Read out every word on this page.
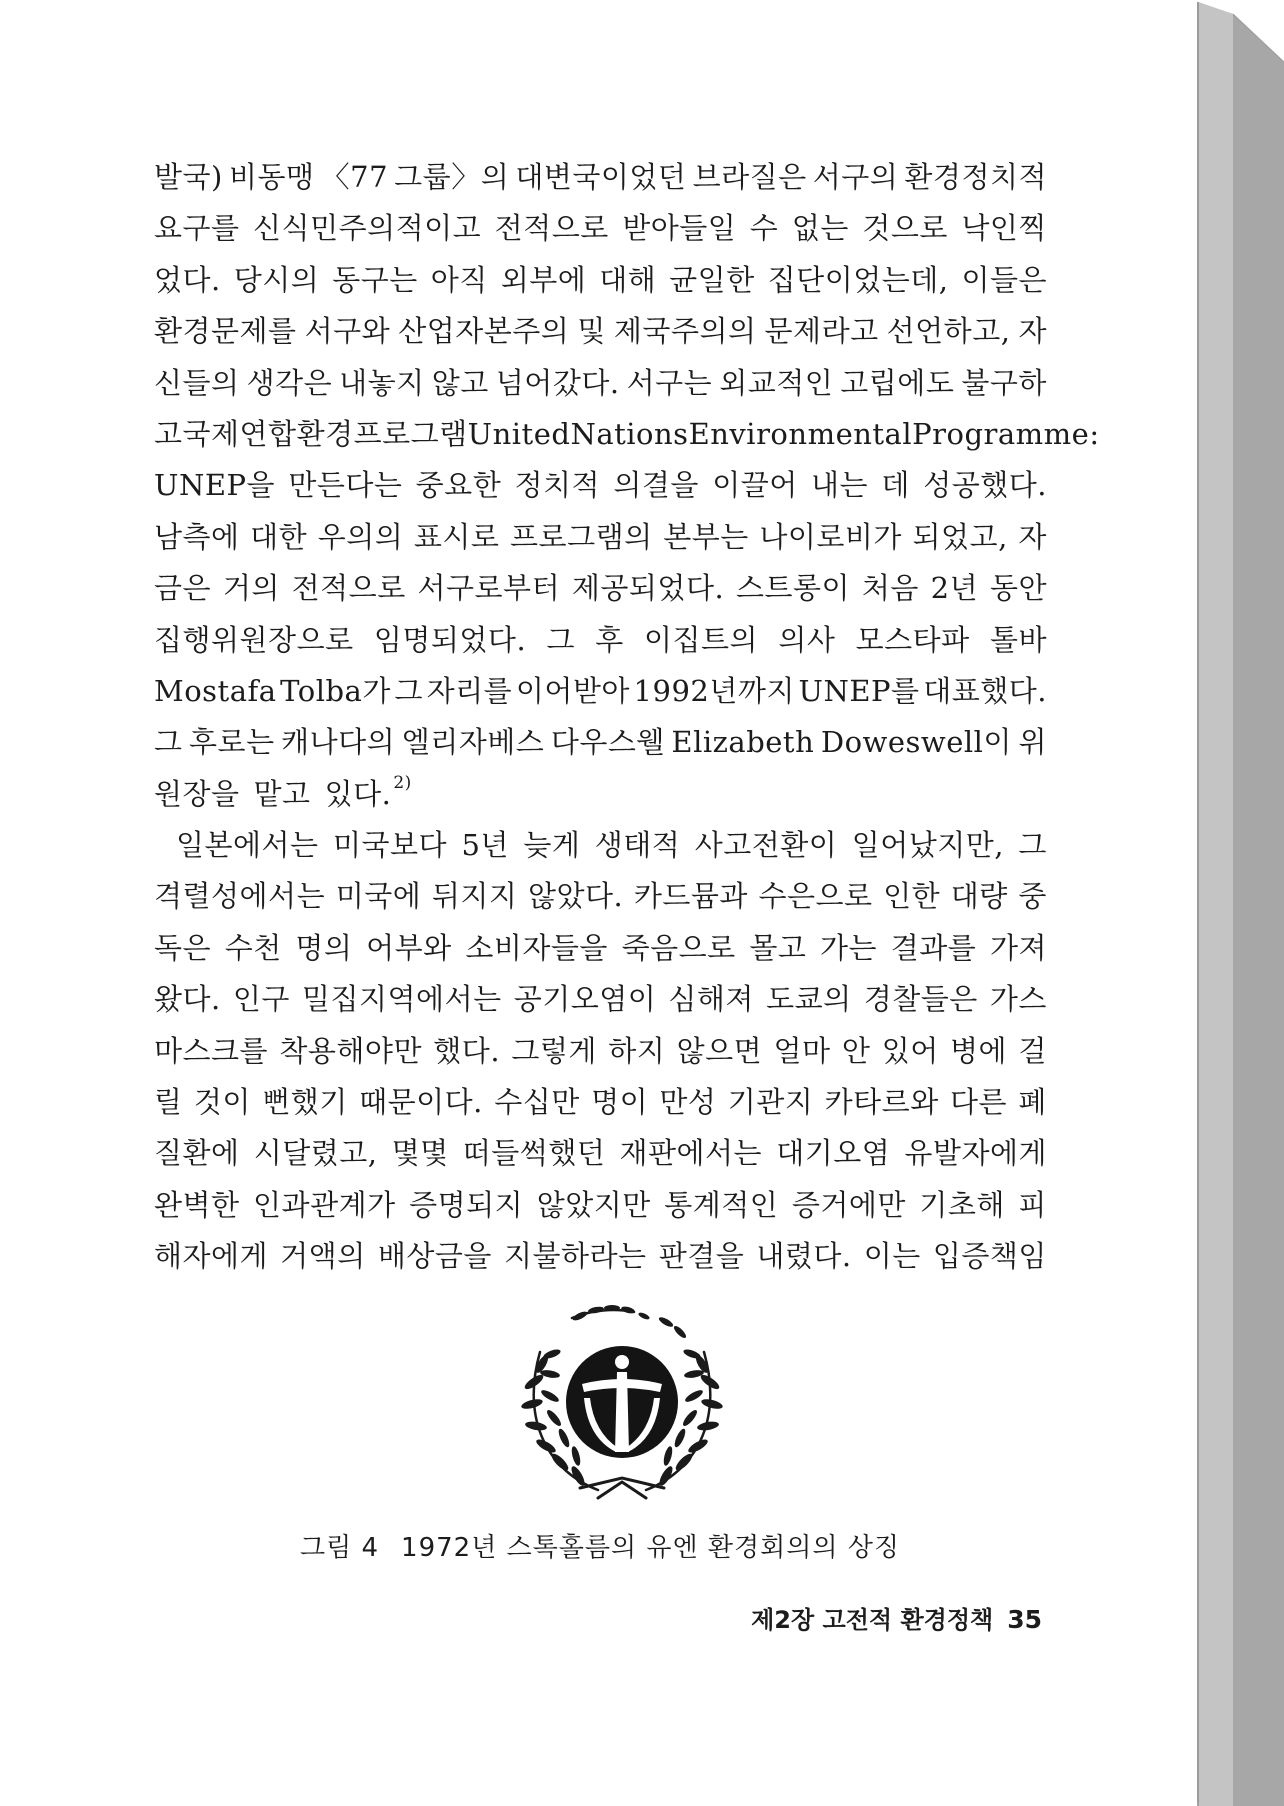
발국) 비동맹 〈77 그룹〉의 대변국이었던 브라질은 서구의 환경정치적
요구를 신식민주의적이고 전적으로 받아들일 수 없는 것으로 낙인찍
었다. 당시의 동구는 아직 외부에 대해 균일한 집단이었는데, 이들은
환경문제를 서구와 산업자본주의 및 제국주의의 문제라고 선언하고, 자
신들의 생각은 내놓지 않고 넘어갔다. 서구는 외교적인 고립에도 불구하
고 국제연합환경프로그램 United Nations Environmental Programme :
UNEP을 만든다는 중요한 정치적 의결을 이끌어 내는 데 성공했다.
남측에 대한 우의의 표시로 프로그램의 본부는 나이로비가 되었고, 자
금은 거의 전적으로 서구로부터 제공되었다. 스트롱이 처음 2년 동안
집행위원장으로 임명되었다. 그 후 이집트의 의사 모스타파 톨바
Mostafa Tolba가 그 자리를 이어받아 1992년까지 UNEP를 대표했다.
그 후로는 캐나다의 엘리자베스 다우스웰 Elizabeth Doweswell이 위
원장을 맡고 있다. $^{2)}$
일본에서는 미국보다 5년 늦게 생태적 사고전환이 일어났지만, 그
격렬성에서는 미국에 뒤지지 않았다. 카드뮴과 수은으로 인한 대량 중
독은 수천 명의 어부와 소비자들을 죽음으로 몰고 가는 결과를 가져
왔다. 인구 밀집지역에서는 공기오염이 심해져 도쿄의 경찰들은 가스
마스크를 착용해야만 했다. 그렇게 하지 않으면 얼마 안 있어 병에 걸
릴 것이 뻔했기 때문이다. 수십만 명이 만성 기관지 카타르와 다른 폐
질환에 시달렸고, 몇몇 떠들썩했던 재판에서는 대기오염 유발자에게
완벽한 인과관계가 증명되지 않았지만 통계적인 증거에만 기초해 피
해자에게 거액의 배상금을 지불하라는 판결을 내렸다. 이는 입증책임
그림 4 1972년 스톡홀름의 유엔 환경회의의 상징
제2장 고전적 환경정책 35
